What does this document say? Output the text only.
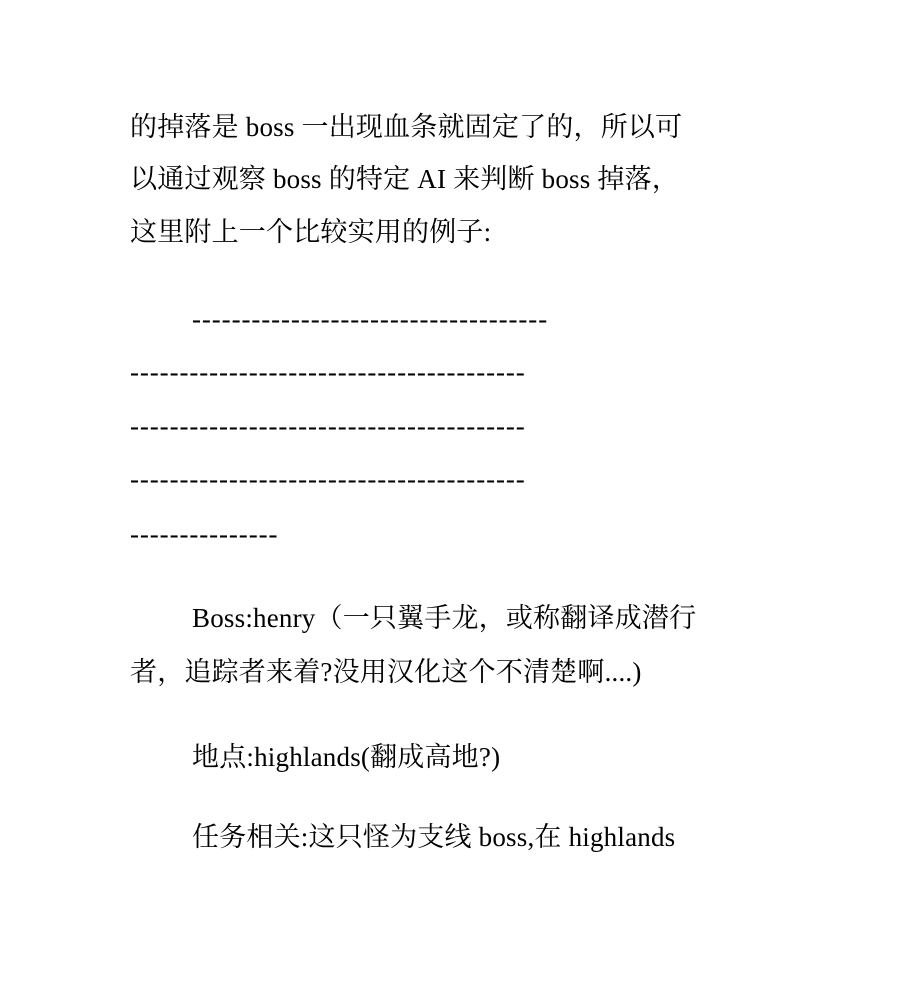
的掉落是 boss 一出现血条就固定了的，所以可
以通过观察 boss 的特定 AI 来判断 boss 掉落，
这里附上一个比较实用的例子:
------------------------------------
----------------------------------------
----------------------------------------
----------------------------------------
---------------
Boss:henry（一只翼手龙，或称翻译成潜行
者，追踪者来着?没用汉化这个不清楚啊....)
地点:highlands(翻成高地?)
任务相关:这只怪为支线 boss,在 highlands
